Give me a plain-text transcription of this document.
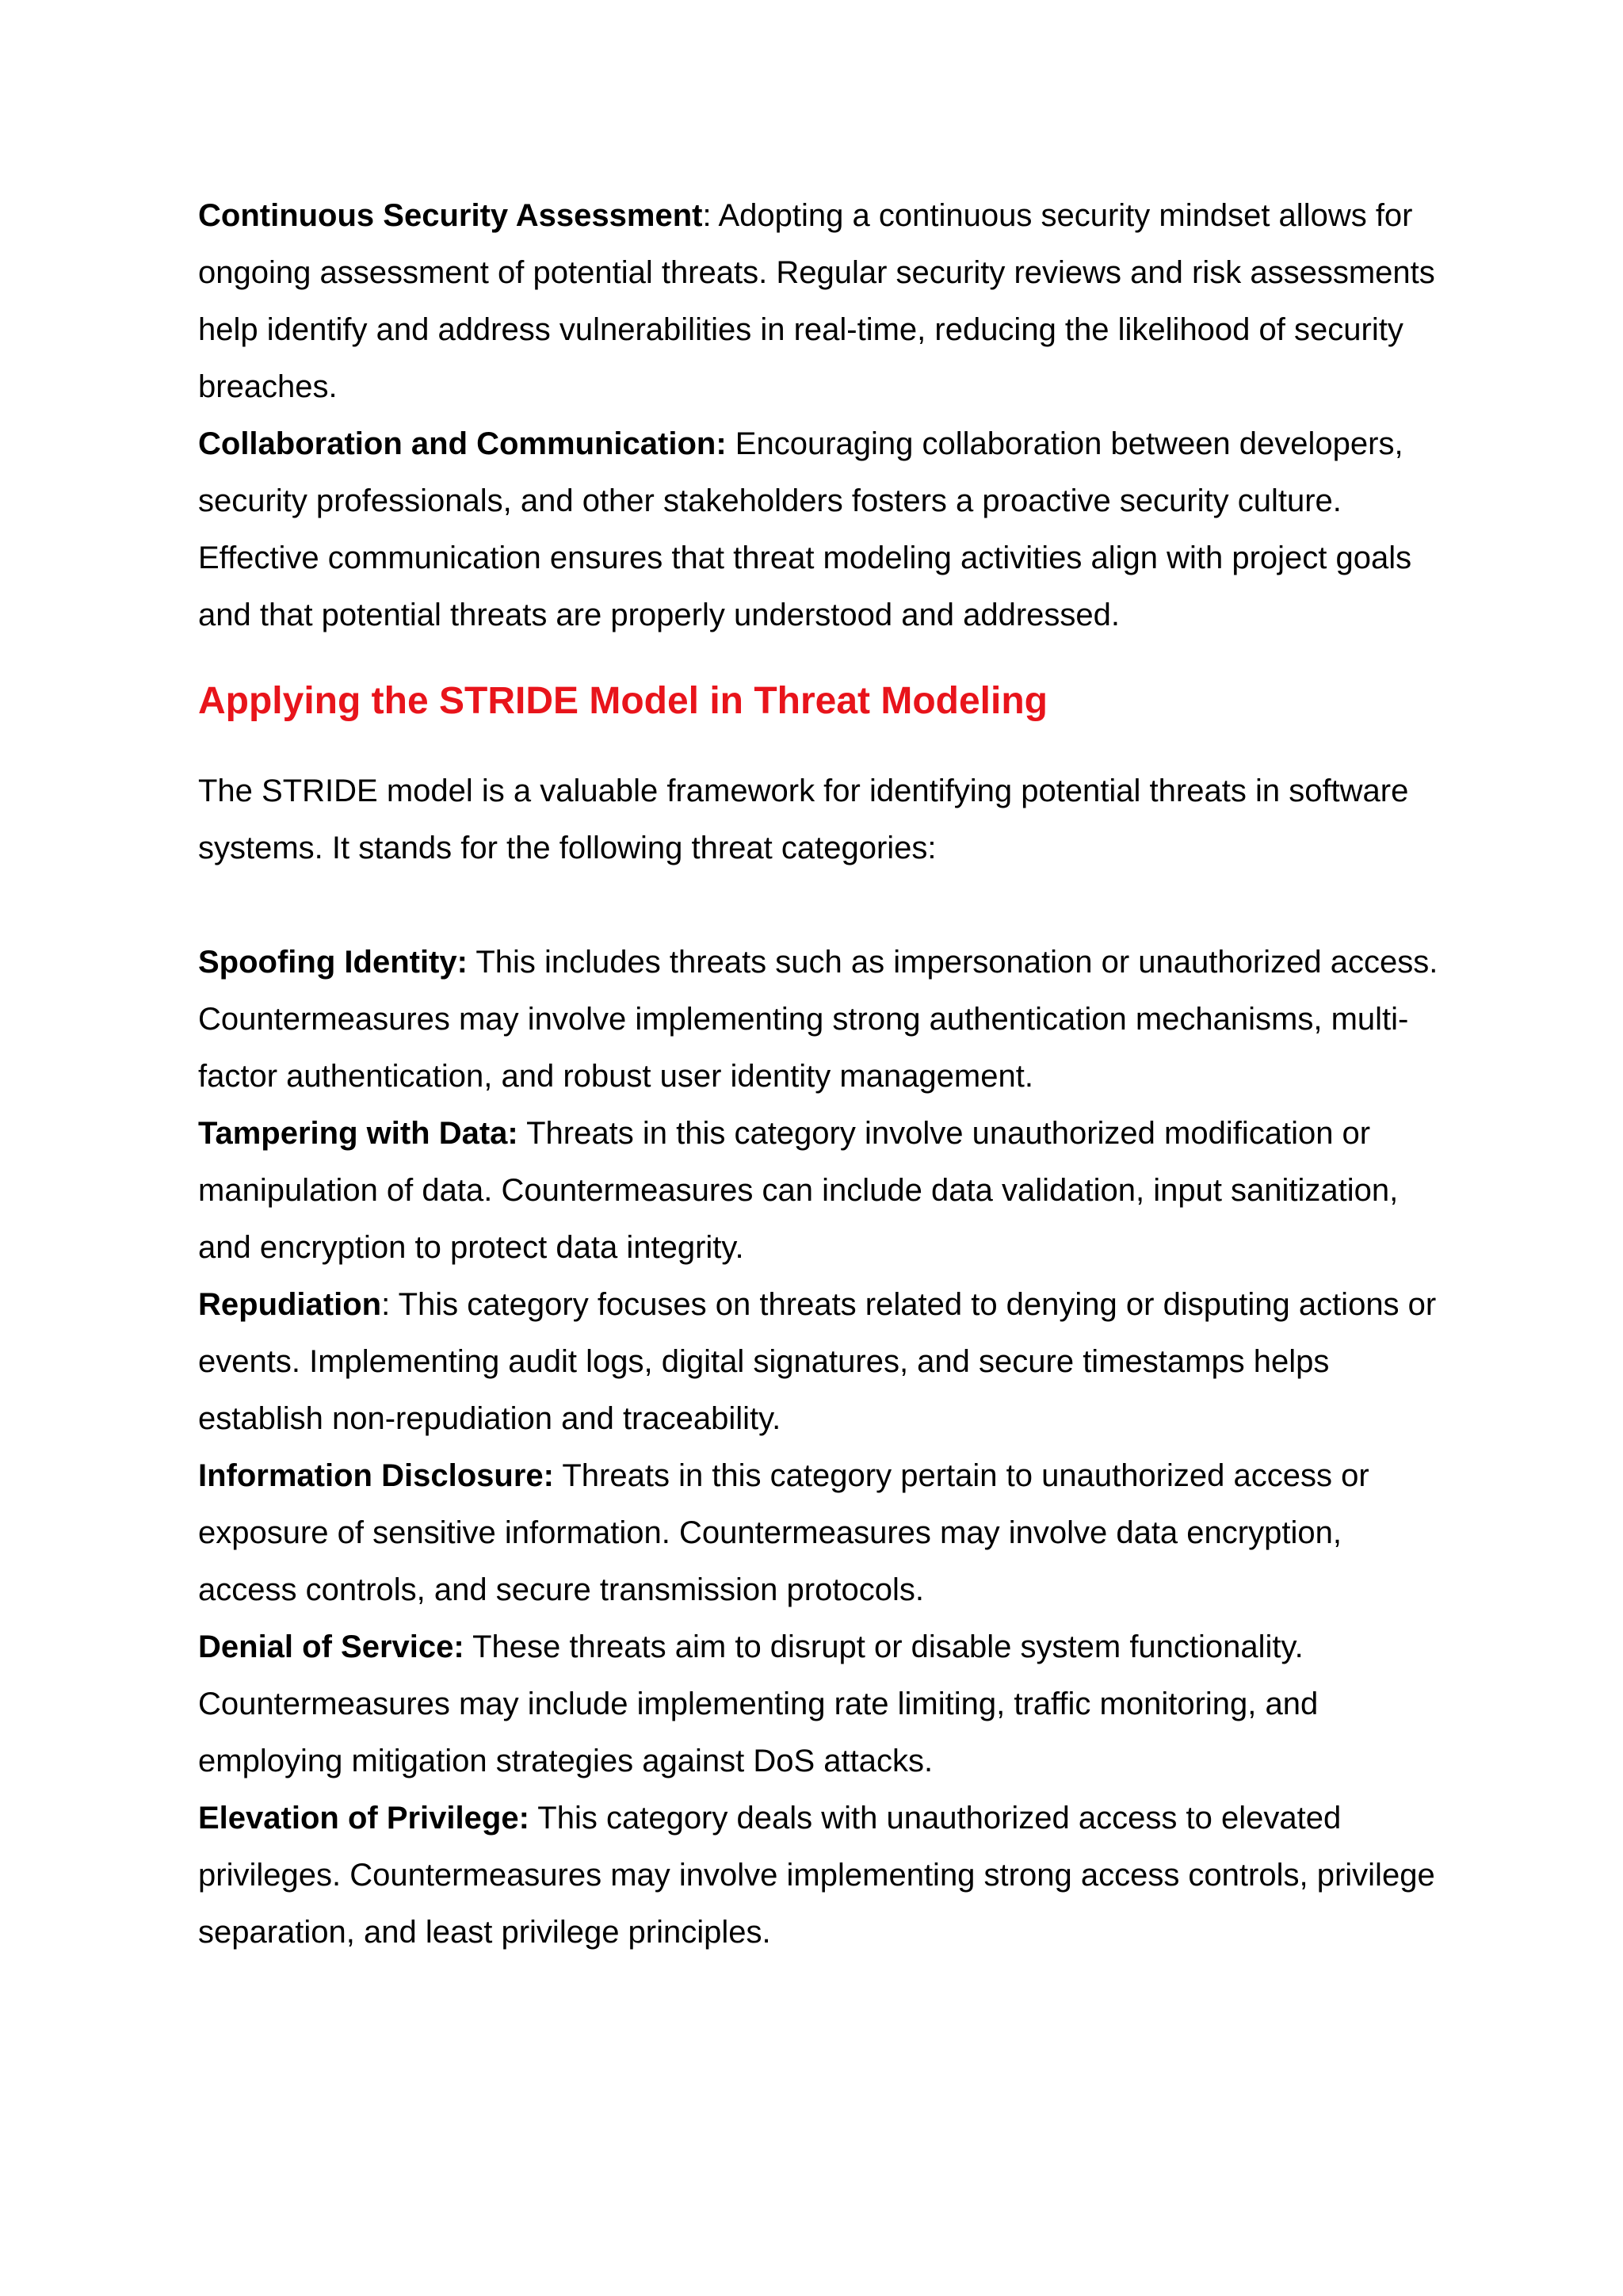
Continuous Security Assessment: Adopting a continuous security mindset allows for ongoing assessment of potential threats. Regular security reviews and risk assessments help identify and address vulnerabilities in real-time, reducing the likelihood of security breaches.
Collaboration and Communication: Encouraging collaboration between developers, security professionals, and other stakeholders fosters a proactive security culture. Effective communication ensures that threat modeling activities align with project goals and that potential threats are properly understood and addressed.
Applying the STRIDE Model in Threat Modeling

The STRIDE model is a valuable framework for identifying potential threats in software systems. It stands for the following threat categories:

Spoofing Identity: This includes threats such as impersonation or unauthorized access. Countermeasures may involve implementing strong authentication mechanisms, multi-factor authentication, and robust user identity management.
Tampering with Data: Threats in this category involve unauthorized modification or manipulation of data. Countermeasures can include data validation, input sanitization, and encryption to protect data integrity.
Repudiation: This category focuses on threats related to denying or disputing actions or events. Implementing audit logs, digital signatures, and secure timestamps helps establish non-repudiation and traceability.
Information Disclosure: Threats in this category pertain to unauthorized access or exposure of sensitive information. Countermeasures may involve data encryption, access controls, and secure transmission protocols.
Denial of Service: These threats aim to disrupt or disable system functionality. Countermeasures may include implementing rate limiting, traffic monitoring, and employing mitigation strategies against DoS attacks.
Elevation of Privilege: This category deals with unauthorized access to elevated privileges. Countermeasures may involve implementing strong access controls, privilege separation, and least privilege principles.
